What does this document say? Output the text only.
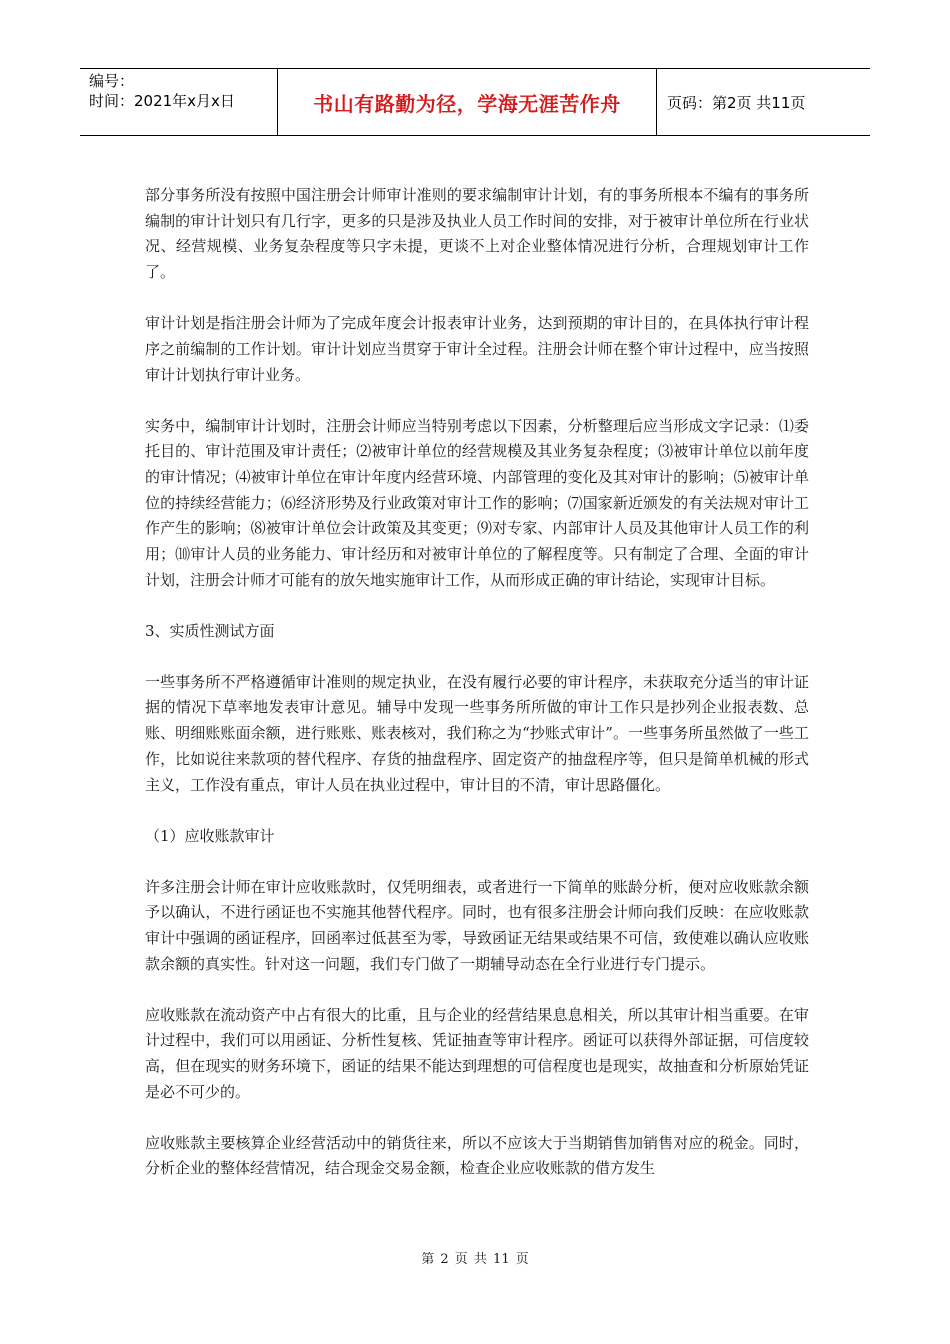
编号：
时间：2021年x月x日	书山有路勤为径，学海无涯苦作舟	页码：第2页 共11页

部分事务所没有按照中国注册会计师审计准则的要求编制审计计划，有的事务所根本不编有的事务所编制的审计计划只有几行字，更多的只是涉及执业人员工作时间的安排，对于被审计单位所在行业状况、经营规模、业务复杂程度等只字未提，更谈不上对企业整体情况进行分析，合理规划审计工作了。

审计计划是指注册会计师为了完成年度会计报表审计业务，达到预期的审计目的，在具体执行审计程序之前编制的工作计划。审计计划应当贯穿于审计全过程。注册会计师在整个审计过程中，应当按照审计计划执行审计业务。

实务中，编制审计计划时，注册会计师应当特别考虑以下因素，分析整理后应当形成文字记录：⑴委托目的、审计范围及审计责任；⑵被审计单位的经营规模及其业务复杂程度；⑶被审计单位以前年度的审计情况；⑷被审计单位在审计年度内经营环境、内部管理的变化及其对审计的影响；⑸被审计单位的持续经营能力；⑹经济形势及行业政策对审计工作的影响；⑺国家新近颁发的有关法规对审计工作产生的影响；⑻被审计单位会计政策及其变更；⑼对专家、内部审计人员及其他审计人员工作的利用；⑽审计人员的业务能力、审计经历和对被审计单位的了解程度等。只有制定了合理、全面的审计计划，注册会计师才可能有的放矢地实施审计工作，从而形成正确的审计结论，实现审计目标。

3、实质性测试方面

一些事务所不严格遵循审计准则的规定执业，在没有履行必要的审计程序，未获取充分适当的审计证据的情况下草率地发表审计意见。辅导中发现一些事务所所做的审计工作只是抄列企业报表数、总账、明细账账面余额，进行账账、账表核对，我们称之为“抄账式审计”。一些事务所虽然做了一些工作，比如说往来款项的替代程序、存货的抽盘程序、固定资产的抽盘程序等，但只是简单机械的形式主义，工作没有重点，审计人员在执业过程中，审计目的不清，审计思路僵化。

（1）应收账款审计

许多注册会计师在审计应收账款时，仅凭明细表，或者进行一下简单的账龄分析，便对应收账款余额予以确认，不进行函证也不实施其他替代程序。同时，也有很多注册会计师向我们反映：在应收账款审计中强调的函证程序，回函率过低甚至为零，导致函证无结果或结果不可信，致使难以确认应收账款余额的真实性。针对这一问题，我们专门做了一期辅导动态在全行业进行专门提示。

应收账款在流动资产中占有很大的比重，且与企业的经营结果息息相关，所以其审计相当重要。在审计过程中，我们可以用函证、分析性复核、凭证抽查等审计程序。函证可以获得外部证据，可信度较高，但在现实的财务环境下，函证的结果不能达到理想的可信程度也是现实，故抽查和分析原始凭证是必不可少的。

应收账款主要核算企业经营活动中的销货往来，所以不应该大于当期销售加销售对应的税金。同时，分析企业的整体经营情况，结合现金交易金额，检查企业应收账款的借方发生

第 2 页 共 11 页
